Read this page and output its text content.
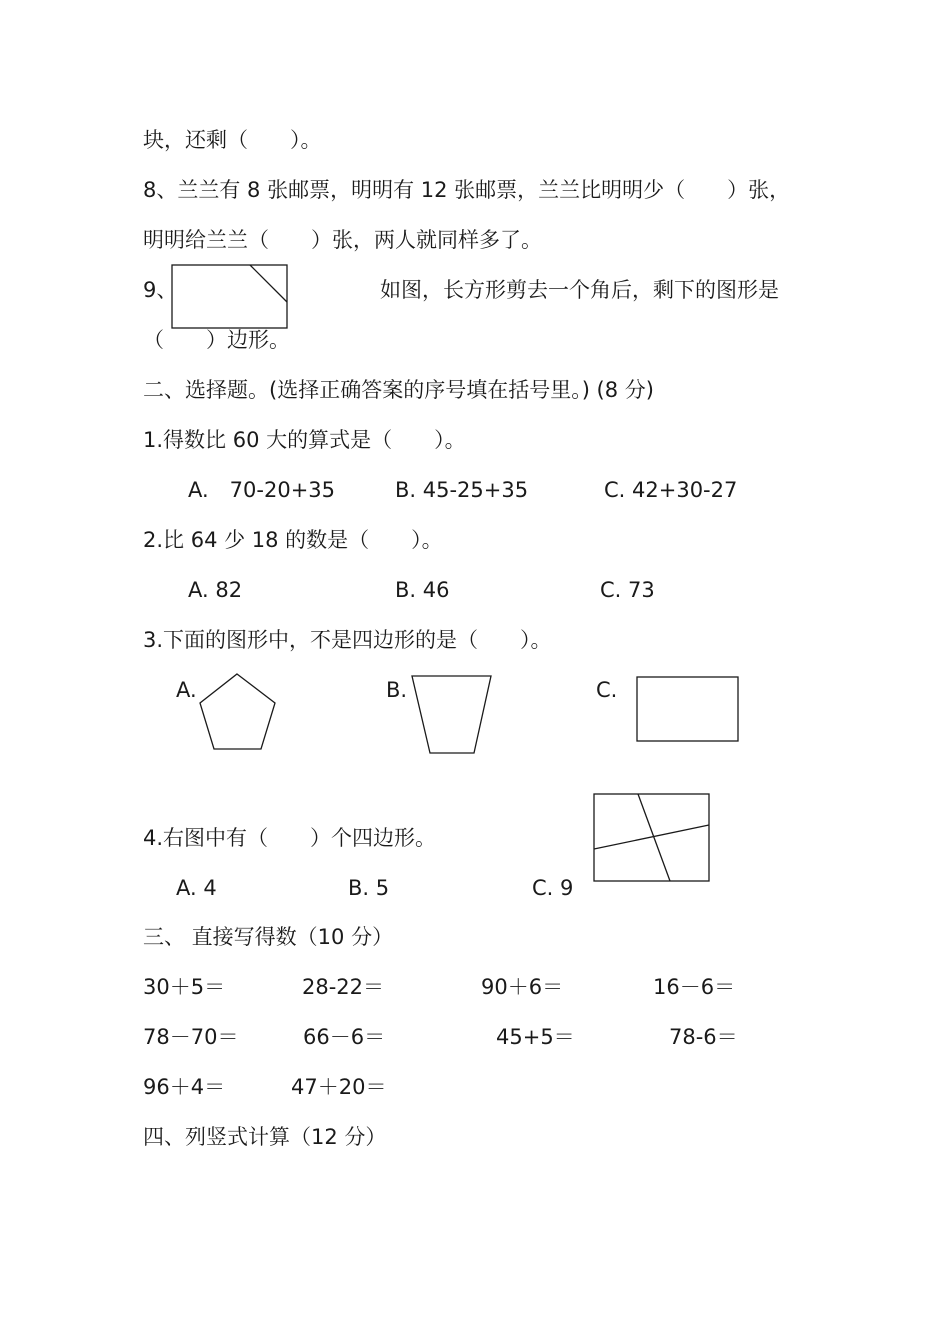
块，还剩（　　）。
8、兰兰有 8 张邮票，明明有 12 张邮票，兰兰比明明少（　　）张，
明明给兰兰（　　）张，两人就同样多了。
9、	如图，长方形剪去一个角后，剩下的图形是
（　　）边形。
二、选择题。(选择正确答案的序号填在括号里。) (8 分)
1.得数比 60 大的算式是（　　）。
A.　70-20+35	B. 45-25+35	C. 42+30-27
2.比 64 少 18 的数是（　　）。
A. 82	B. 46	C. 73
3.下面的图形中，不是四边形的是（　　）。
A.	B.	C.
4.右图中有（　　）个四边形。
A. 4	B. 5	C. 9
三、 直接写得数（10 分）
30＋5＝	28-22＝	90＋6＝	16－6＝
78－70＝	66－6＝	45+5＝	78-6＝
96＋4＝	47＋20＝
四、列竖式计算（12 分）
